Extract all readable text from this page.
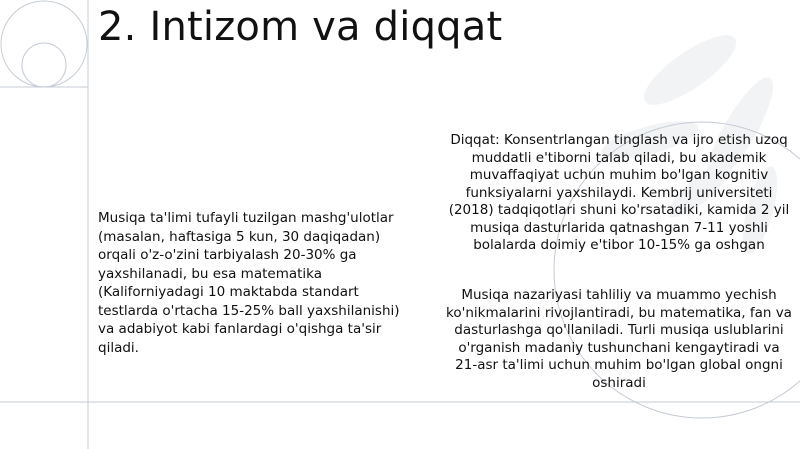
2. Intizom va diqqat
Musiqa ta'limi tufayli tuzilgan mashg'ulotlar (masalan, haftasiga 5 kun, 30 daqiqadan) orqali o'z-o'zini tarbiyalash 20-30% ga yaxshilanadi, bu esa matematika (Kaliforniyadagi 10 maktabda standart testlarda o'rtacha 15-25% ball yaxshilanishi) va adabiyot kabi fanlardagi o'qishga ta'sir qiladi.
Diqqat: Konsentrlangan tinglash va ijro etish uzoq muddatli e'tiborni talab qiladi, bu akademik muvaffaqiyat uchun muhim bo'lgan kognitiv funksiyalarni yaxshilaydi. Kembrij universiteti (2018) tadqiqotlari shuni ko'rsatadiki, kamida 2 yil musiqa dasturlarida qatnashgan 7-11 yoshli bolalarda doimiy e'tibor 10-15% ga oshgan
Musiqa nazariyasi tahliliy va muammo yechish ko'nikmalarini rivojlantiradi, bu matematika, fan va dasturlashga qo'llaniladi. Turli musiqa uslublarini o'rganish madaniy tushunchani kengaytiradi va 21-asr ta'limi uchun muhim bo'lgan global ongni oshiradi
